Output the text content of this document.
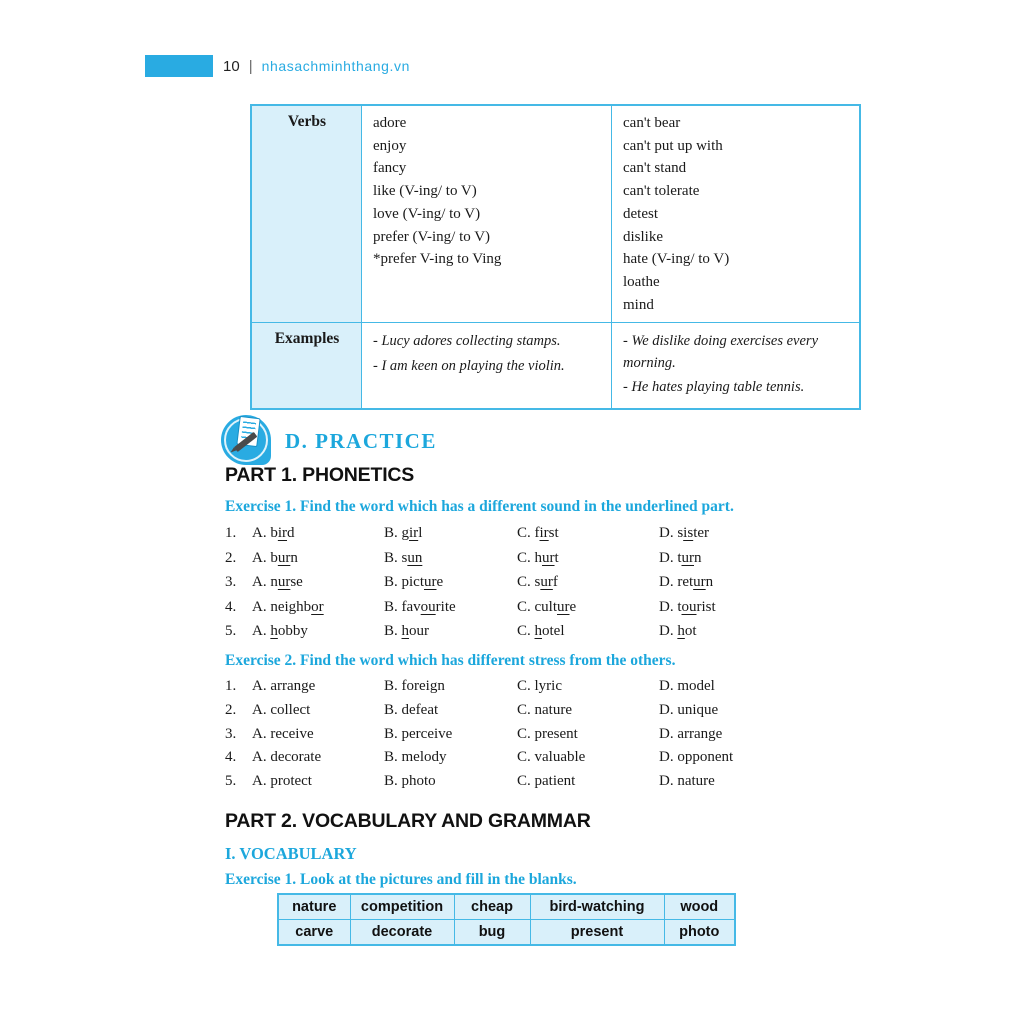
10 | nhasachminhthang.vn
Verbs	adore
enjoy
fancy
like (V-ing/ to V)
love (V-ing/ to V)
prefer (V-ing/ to V)
*prefer V-ing to Ving

can't bear
can't put up with
can't stand
can't tolerate
detest
dislike
hate (V-ing/ to V)
loathe
mind

Examples	- Lucy adores collecting stamps.
- I am keen on playing the violin.

- We dislike doing exercises every morning.
- He hates playing table tennis.
D. PRACTICE
PART 1. PHONETICS
Exercise 1. Find the word which has a different sound in the underlined part.
1.	A. bird	B. girl	C. first	D. sister
2.	A. burn	B. sun	C. hurt	D. turn
3.	A. nurse	B. picture	C. surf	D. return
4.	A. neighbor	B. favourite	C. culture	D. tourist
5.	A. hobby	B. hour	C. hotel	D. hot
Exercise 2. Find the word which has different stress from the others.
1.	A. arrange	B. foreign	C. lyric	D. model
2.	A. collect	B. defeat	C. nature	D. unique
3.	A. receive	B. perceive	C. present	D. arrange
4.	A. decorate	B. melody	C. valuable	D. opponent
5.	A. protect	B. photo	C. patient	D. nature
PART 2. VOCABULARY AND GRAMMAR
I. VOCABULARY
Exercise 1. Look at the pictures and fill in the blanks.
nature	competition	cheap	bird-watching	wood
carve	decorate	bug	present	photo
